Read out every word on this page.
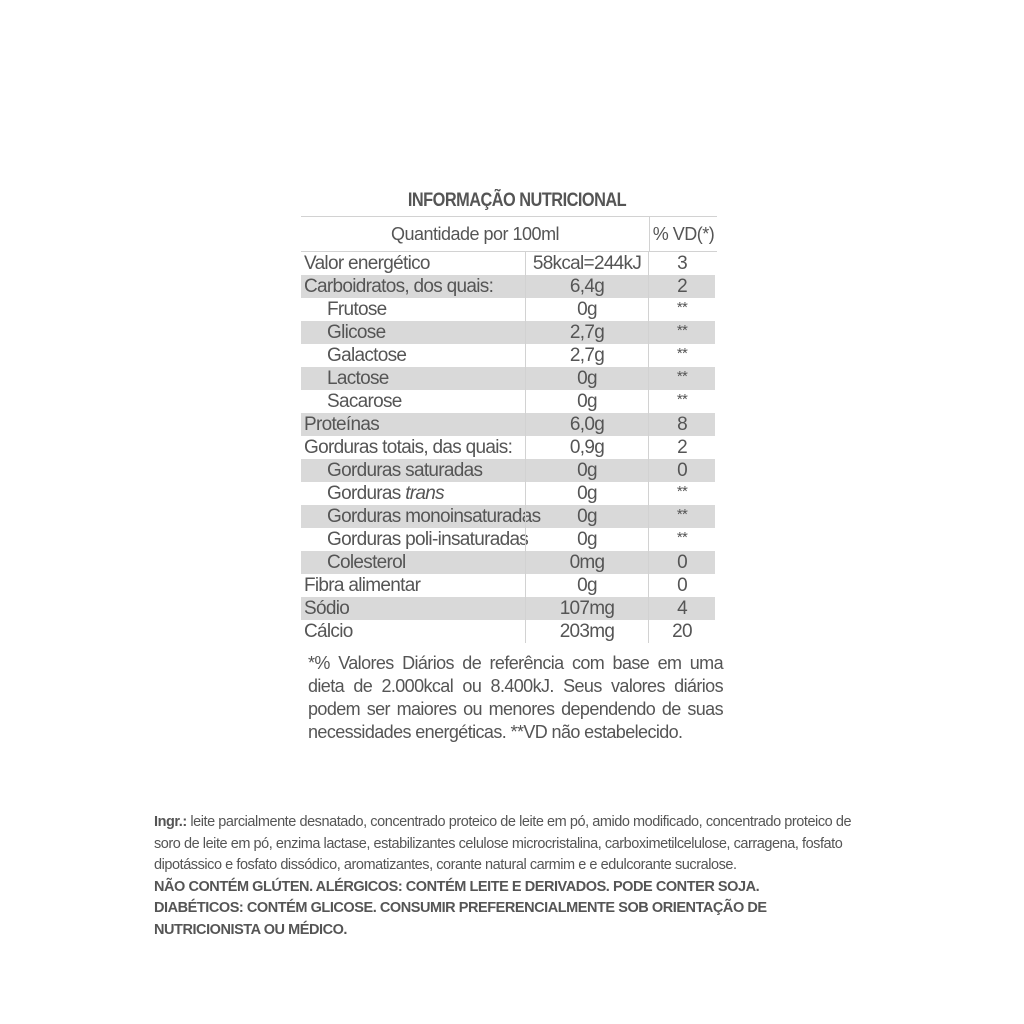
INFORMAÇÃO NUTRICIONAL
Quantidade por 100ml	% VD(*)
Valor energético	58kcal=244kJ	3
Carboidratos, dos quais:	6,4g	2
Frutose	0g	**
Glicose	2,7g	**
Galactose	2,7g	**
Lactose	0g	**
Sacarose	0g	**
Proteínas	6,0g	8
Gorduras totais, das quais:	0,9g	2
Gorduras saturadas	0g	0
Gorduras trans	0g	**
Gorduras monoinsaturadas	0g	**
Gorduras poli-insaturadas	0g	**
Colesterol	0mg	0
Fibra alimentar	0g	0
Sódio	107mg	4
Cálcio	203mg	20
*% Valores Diários de referência com base em uma dieta de 2.000kcal ou 8.400kJ. Seus valores diários podem ser maiores ou menores dependendo de suas necessidades energéticas. **VD não estabelecido.
Ingr.: leite parcialmente desnatado, concentrado proteico de leite em pó, amido modificado, concentrado proteico de soro de leite em pó, enzima lactase, estabilizantes celulose microcristalina, carboximetilcelulose, carragena, fosfato dipotássico e fosfato dissódico, aromatizantes, corante natural carmim e e edulcorante sucralose.
NÃO CONTÉM GLÚTEN. ALÉRGICOS: CONTÉM LEITE E DERIVADOS. PODE CONTER SOJA.
DIABÉTICOS: CONTÉM GLICOSE. CONSUMIR PREFERENCIALMENTE SOB ORIENTAÇÃO DE NUTRICIONISTA OU MÉDICO.
